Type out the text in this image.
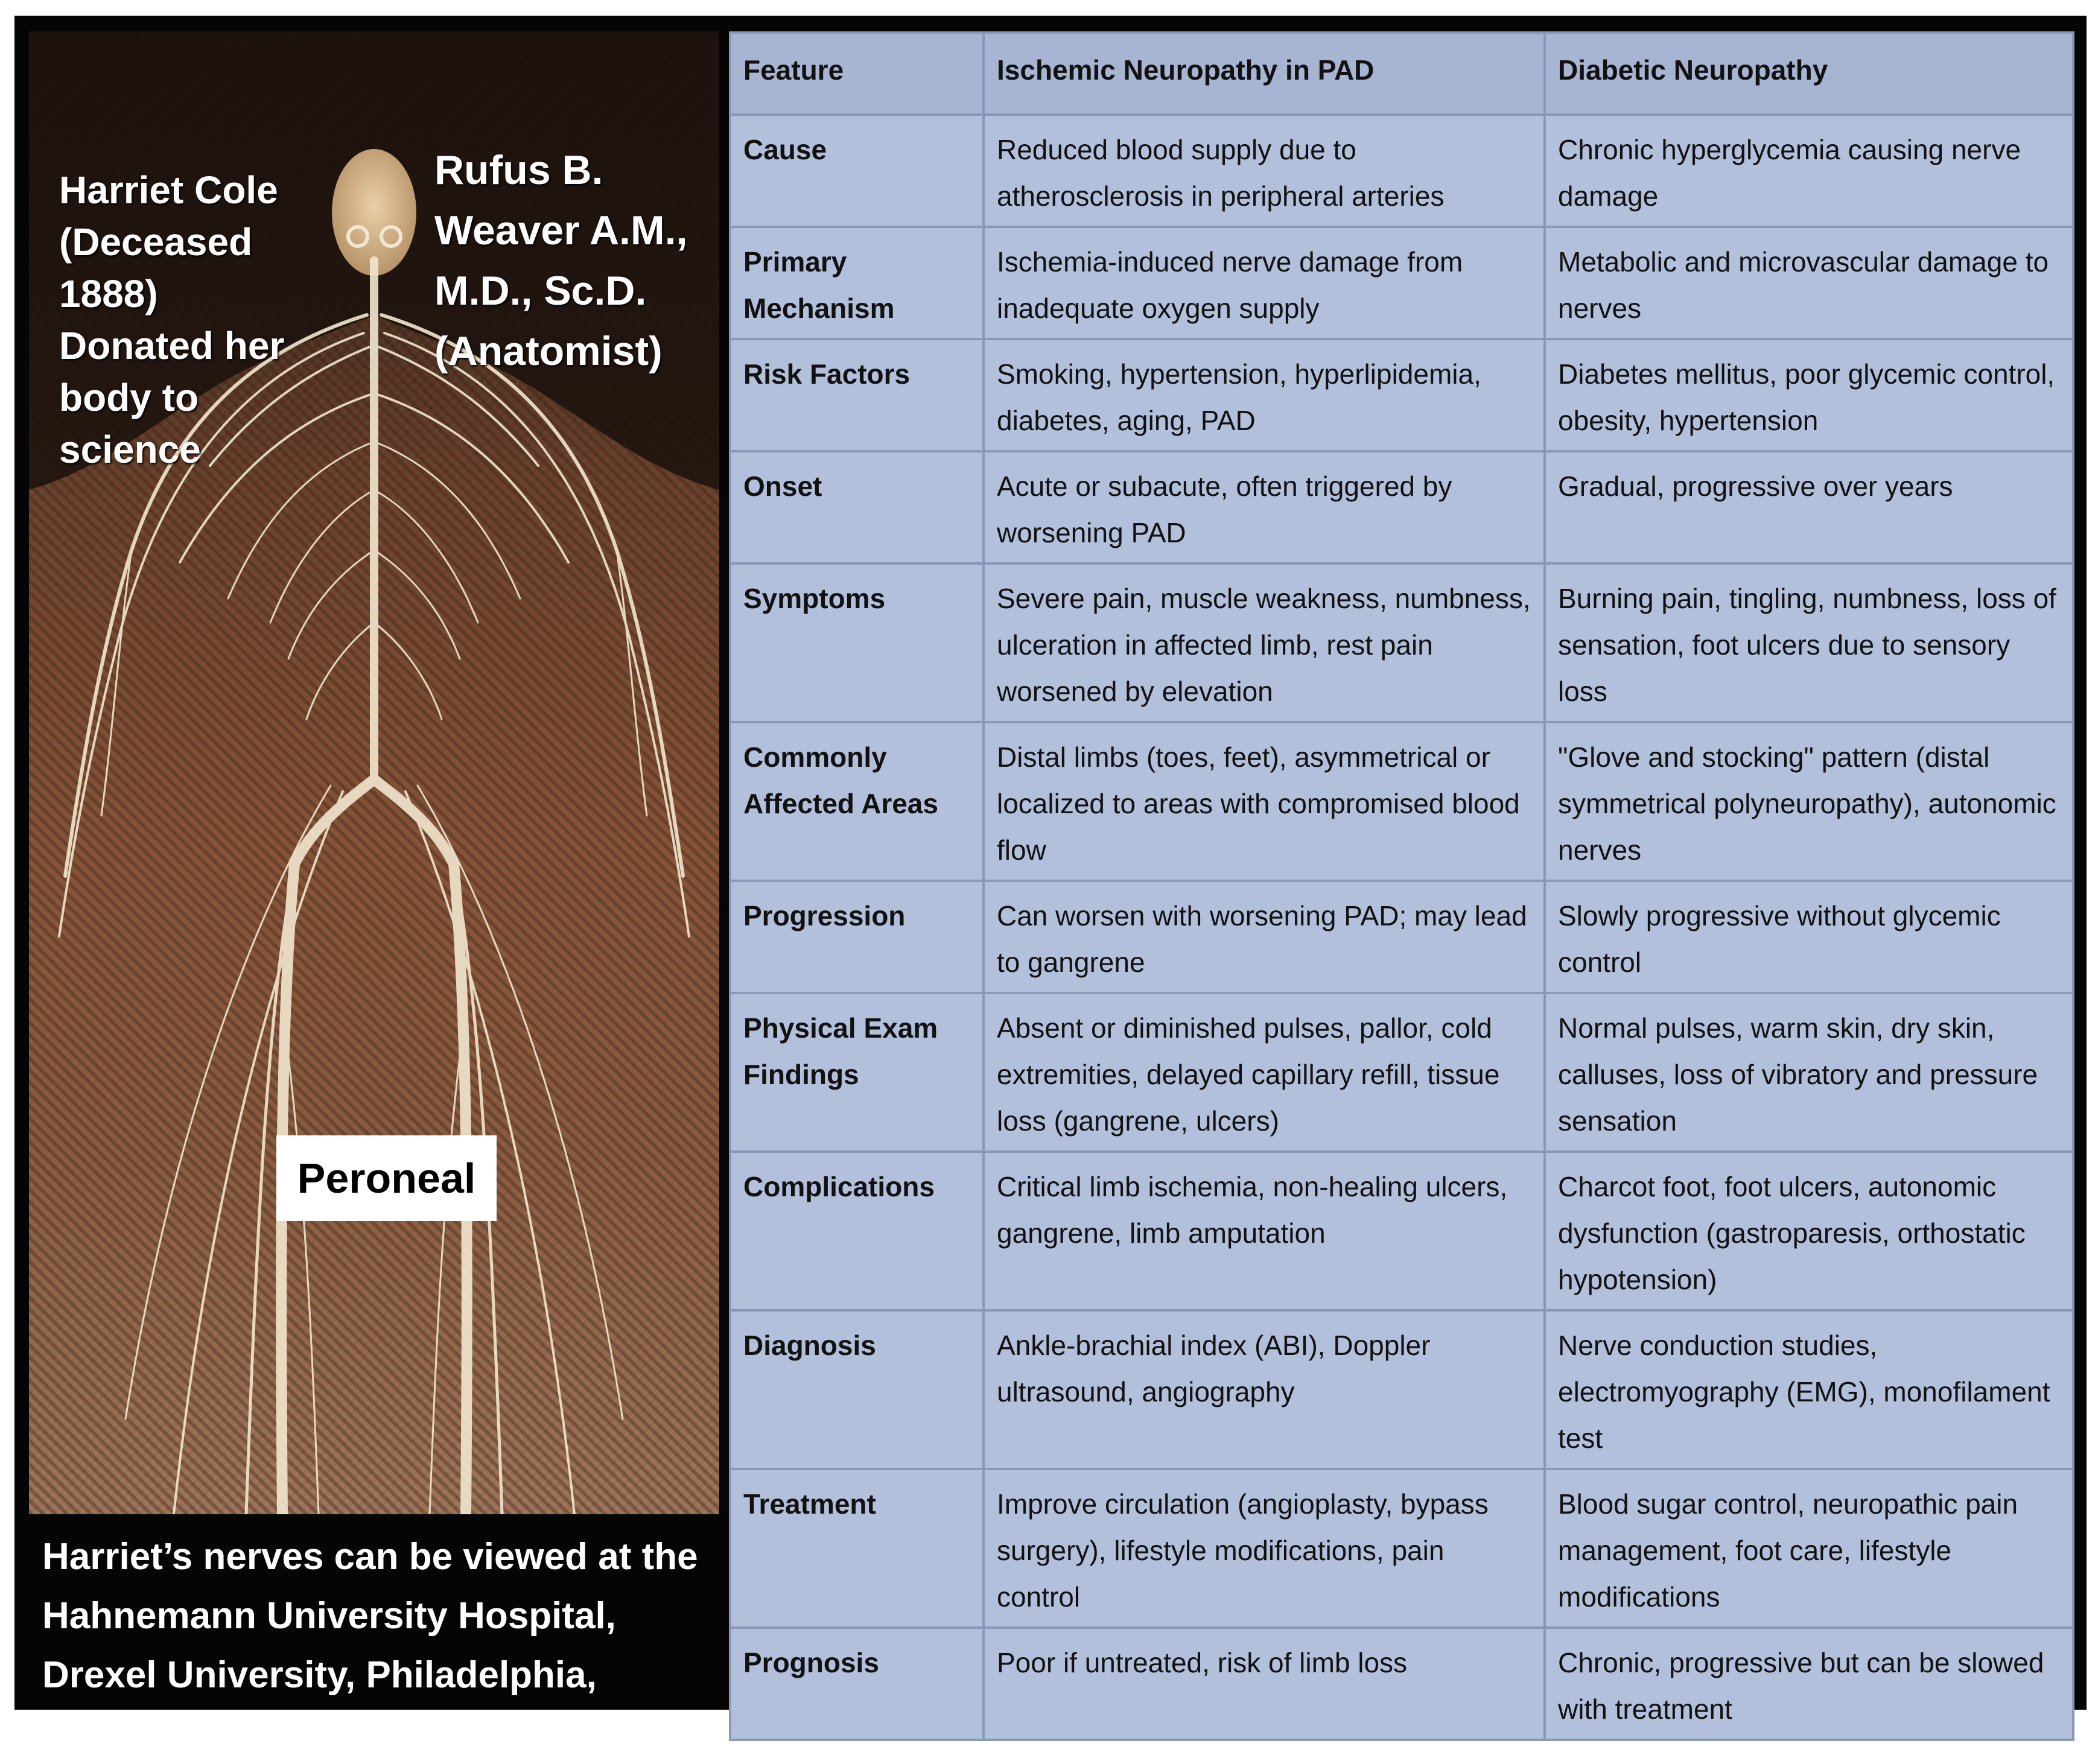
Harriet Cole
(Deceased 1888)
Donated her
body to science
Rufus B.
Weaver A.M.,
M.D., Sc.D.
(Anatomist)
Peroneal
Harriet’s nerves can be viewed at the Hahnemann University Hospital, Drexel University, Philadelphia, Pennsylvania, USA
Feature	Ischemic Neuropathy in PAD	Diabetic Neuropathy
Cause	Reduced blood supply due to atherosclerosis in peripheral arteries	Chronic hyperglycemia causing nerve damage
Primary Mechanism	Ischemia-induced nerve damage from inadequate oxygen supply	Metabolic and microvascular damage to nerves
Risk Factors	Smoking, hypertension, hyperlipidemia, diabetes, aging, PAD	Diabetes mellitus, poor glycemic control, obesity, hypertension
Onset	Acute or subacute, often triggered by worsening PAD	Gradual, progressive over years
Symptoms	Severe pain, muscle weakness, numbness, ulceration in affected limb, rest pain worsened by elevation	Burning pain, tingling, numbness, loss of sensation, foot ulcers due to sensory loss
Commonly Affected Areas	Distal limbs (toes, feet), asymmetrical or localized to areas with compromised blood flow	"Glove and stocking" pattern (distal symmetrical polyneuropathy), autonomic nerves
Progression	Can worsen with worsening PAD; may lead to gangrene	Slowly progressive without glycemic control
Physical Exam Findings	Absent or diminished pulses, pallor, cold extremities, delayed capillary refill, tissue loss (gangrene, ulcers)	Normal pulses, warm skin, dry skin, calluses, loss of vibratory and pressure sensation
Complications	Critical limb ischemia, non-healing ulcers, gangrene, limb amputation	Charcot foot, foot ulcers, autonomic dysfunction (gastroparesis, orthostatic hypotension)
Diagnosis	Ankle-brachial index (ABI), Doppler ultrasound, angiography	Nerve conduction studies, electromyography (EMG), monofilament test
Treatment	Improve circulation (angioplasty, bypass surgery), lifestyle modifications, pain control	Blood sugar control, neuropathic pain management, foot care, lifestyle modifications
Prognosis	Poor if untreated, risk of limb loss	Chronic, progressive but can be slowed with treatment
